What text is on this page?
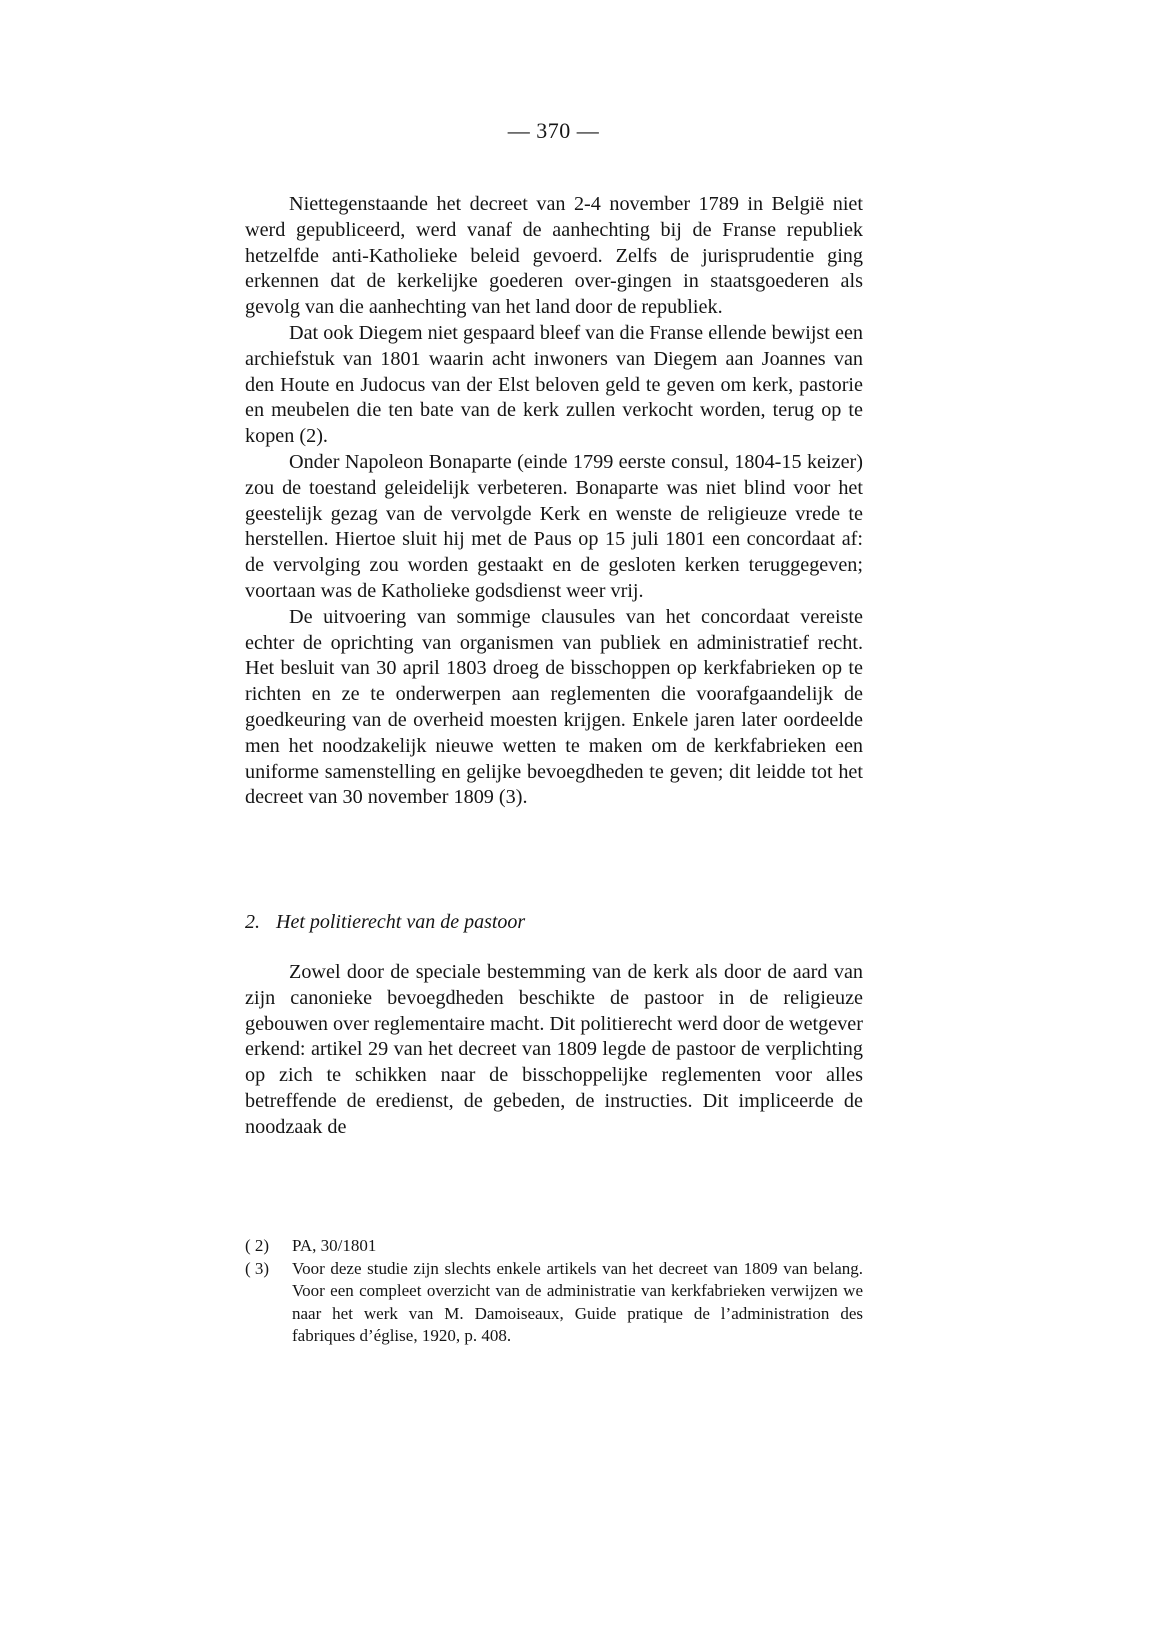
— 370 —

Niettegenstaande het decreet van 2-4 november 1789 in België niet werd gepubliceerd, werd vanaf de aanhechting bij de Franse republiek hetzelfde anti-Katholieke beleid gevoerd. Zelfs de jurisprudentie ging erkennen dat de kerkelijke goederen over-gingen in staatsgoederen als gevolg van die aanhechting van het land door de republiek.

Dat ook Diegem niet gespaard bleef van die Franse ellende bewijst een archiefstuk van 1801 waarin acht inwoners van Diegem aan Joannes van den Houte en Judocus van der Elst beloven geld te geven om kerk, pastorie en meubelen die ten bate van de kerk zullen verkocht worden, terug op te kopen (2).

Onder Napoleon Bonaparte (einde 1799 eerste consul, 1804-15 keizer) zou de toestand geleidelijk verbeteren. Bonaparte was niet blind voor het geestelijk gezag van de vervolgde Kerk en wenste de religieuze vrede te herstellen. Hiertoe sluit hij met de Paus op 15 juli 1801 een concordaat af: de vervolging zou worden gestaakt en de gesloten kerken teruggegeven; voortaan was de Katholieke godsdienst weer vrij.

De uitvoering van sommige clausules van het concordaat vereiste echter de oprichting van organismen van publiek en administratief recht. Het besluit van 30 april 1803 droeg de bisschoppen op kerkfabrieken op te richten en ze te onderwerpen aan reglementen die voorafgaandelijk de goedkeuring van de overheid moesten krijgen. Enkele jaren later oordeelde men het noodzakelijk nieuwe wetten te maken om de kerkfabrieken een uniforme samenstelling en gelijke bevoegdheden te geven; dit leidde tot het decreet van 30 november 1809 (3).

2. Het politierecht van de pastoor

Zowel door de speciale bestemming van de kerk als door de aard van zijn canonieke bevoegdheden beschikte de pastoor in de religieuze gebouwen over reglementaire macht. Dit politierecht werd door de wetgever erkend: artikel 29 van het decreet van 1809 legde de pastoor de verplichting op zich te schikken naar de bisschoppelijke reglementen voor alles betreffende de eredienst, de gebeden, de instructies. Dit impliceerde de noodzaak de

( 2)	PA, 30/1801
( 3)	Voor deze studie zijn slechts enkele artikels van het decreet van 1809 van belang. Voor een compleet overzicht van de administratie van kerkfabrieken verwijzen we naar het werk van M. Damoiseaux, Guide pratique de l’administration des fabriques d’église, 1920, p. 408.
